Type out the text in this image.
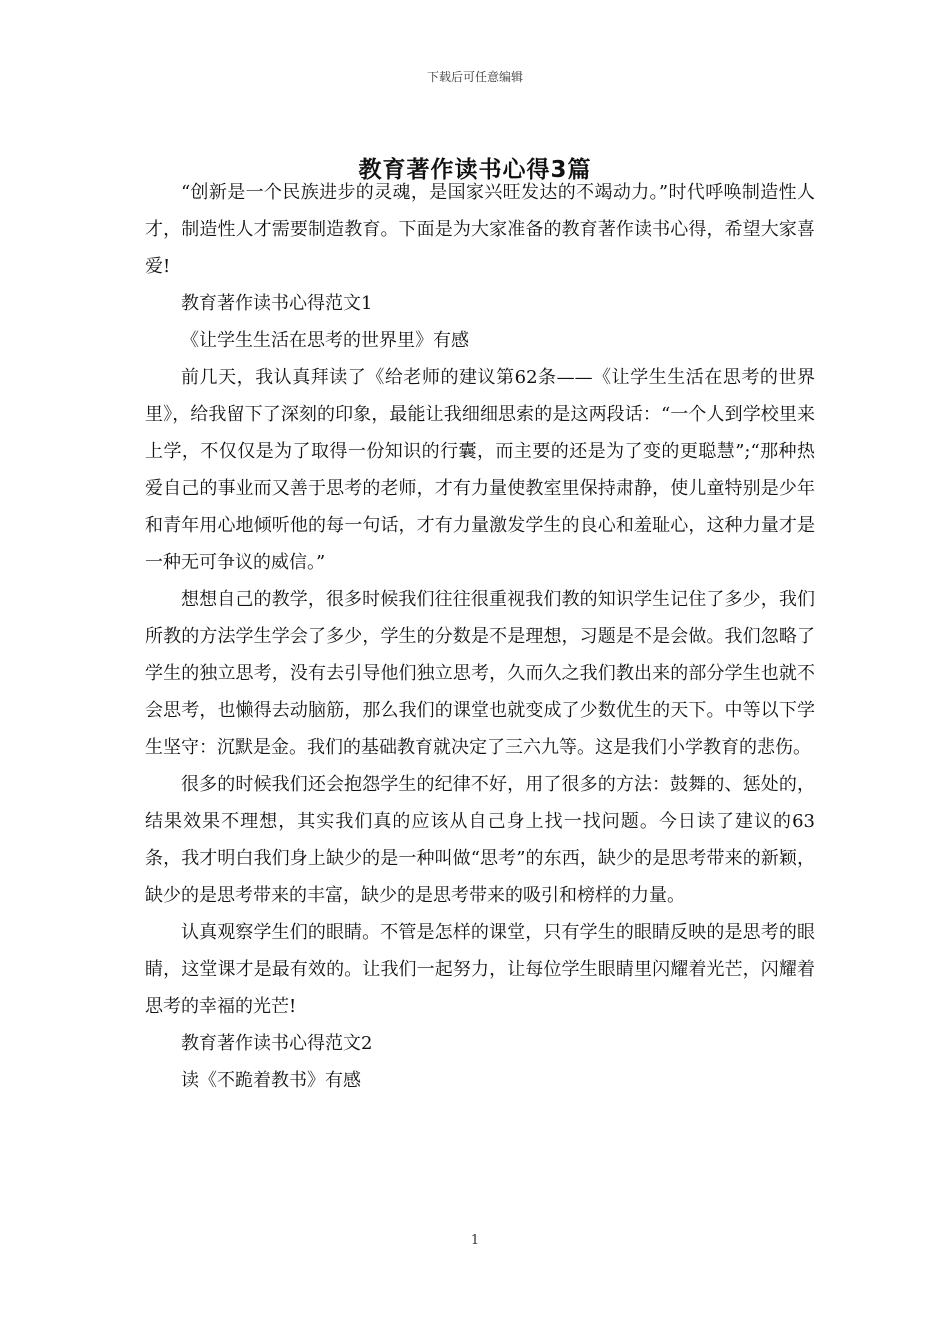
下载后可任意编辑
教育著作读书心得3篇

“创新是一个民族进步的灵魂，是国家兴旺发达的不竭动力。”时代呼唤制造性人才，制造性人才需要制造教育。下面是为大家准备的教育著作读书心得，希望大家喜爱!

教育著作读书心得范文1

《让学生生活在思考的世界里》有感

前几天，我认真拜读了《给老师的建议第62条——《让学生生活在思考的世界里》，给我留下了深刻的印象，最能让我细细思索的是这两段话：“一个人到学校里来上学，不仅仅是为了取得一份知识的行囊，而主要的还是为了变的更聪慧”;“那种热爱自己的事业而又善于思考的老师，才有力量使教室里保持肃静，使儿童特别是少年和青年用心地倾听他的每一句话，才有力量激发学生的良心和羞耻心，这种力量才是一种无可争议的威信。”

想想自己的教学，很多时候我们往往很重视我们教的知识学生记住了多少，我们所教的方法学生学会了多少，学生的分数是不是理想，习题是不是会做。我们忽略了学生的独立思考，没有去引导他们独立思考，久而久之我们教出来的部分学生也就不会思考，也懒得去动脑筋，那么我们的课堂也就变成了少数优生的天下。中等以下学生坚守：沉默是金。我们的基础教育就决定了三六九等。这是我们小学教育的悲伤。

很多的时候我们还会抱怨学生的纪律不好，用了很多的方法：鼓舞的、惩处的，结果效果不理想，其实我们真的应该从自己身上找一找问题。今日读了建议的63条，我才明白我们身上缺少的是一种叫做“思考”的东西，缺少的是思考带来的新颖，缺少的是思考带来的丰富，缺少的是思考带来的吸引和榜样的力量。

认真观察学生们的眼睛。不管是怎样的课堂，只有学生的眼睛反映的是思考的眼睛，这堂课才是最有效的。让我们一起努力，让每位学生眼睛里闪耀着光芒，闪耀着思考的幸福的光芒!

教育著作读书心得范文2

读《不跪着教书》有感

1
